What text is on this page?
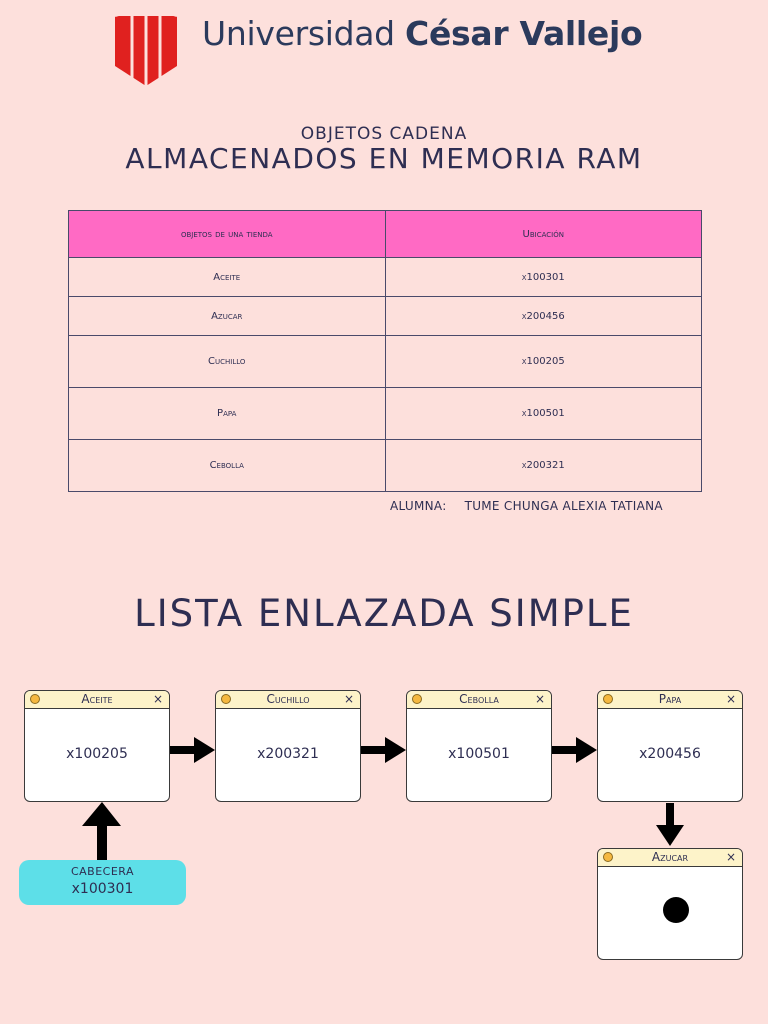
Universidad César Vallejo
OBJETOS CADENA
ALMACENADOS EN MEMORIA RAM
objetos de una tienda	Ubicación
Aceite	x100301
Azucar	x200456
Cuchillo	x100205
Papa	x100501
Cebolla	x200321
ALUMNA: TUME CHUNGA ALEXIA TATIANA
LISTA ENLAZADA SIMPLE
Aceite	×
x100205
Cuchillo	×
x200321
Cebolla	×
x100501
Papa	×
x200456
Azucar	×
CABECERA
x100301
